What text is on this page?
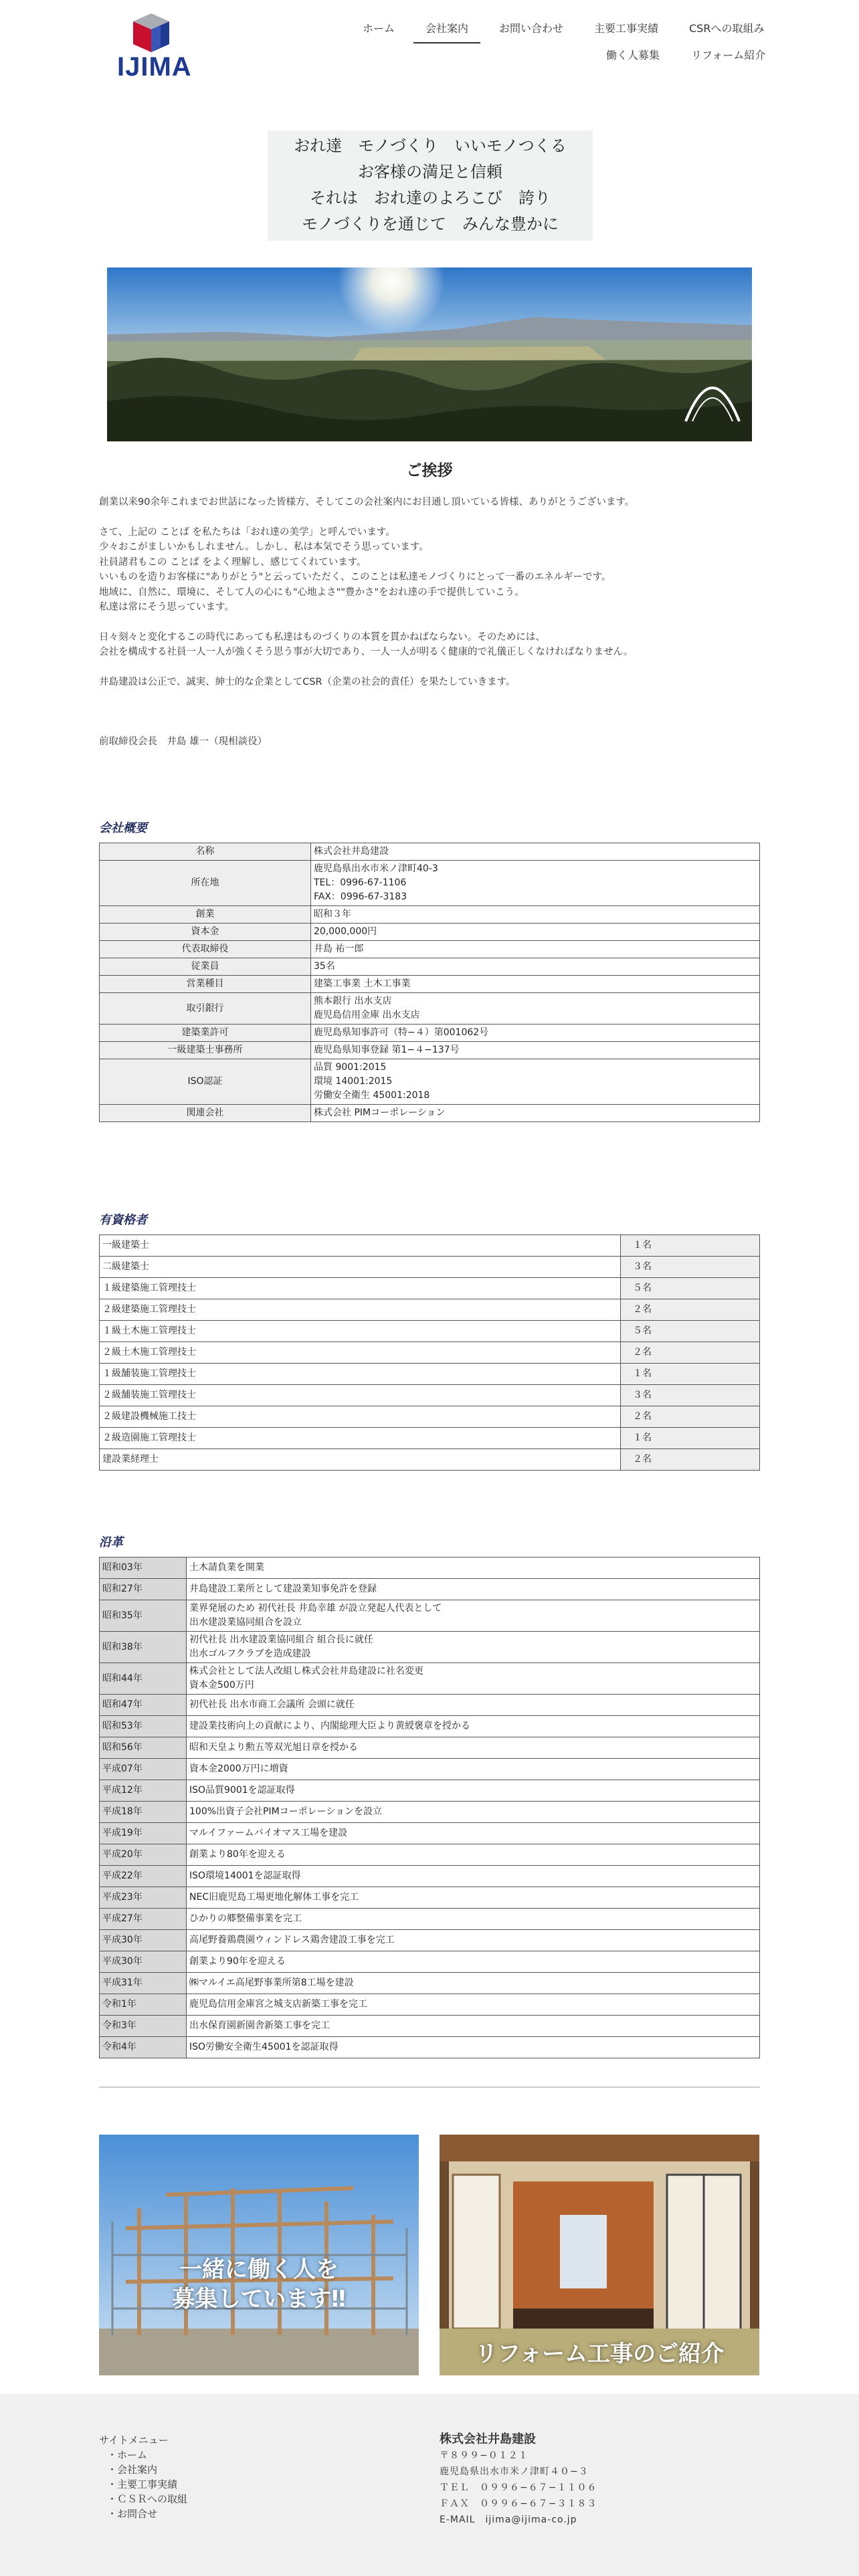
IJIMA
ホーム	会社案内	お問い合わせ	主要工事実績	CSRへの取組み
働く人募集	リフォーム紹介
おれ達　モノづくり　いいモノつくる
お客様の満足と信頼
それは　おれ達のよろこび　誇り
モノづくりを通じて　みんな豊かに
ご挨拶

創業以来90余年これまでお世話になった皆様方、そしてこの会社案内にお目通し頂いている皆様、ありがとうございます。

さて、上記の ことば を私たちは「おれ達の美学」と呼んでいます。
少々おこがましいかもしれません。しかし、私は本気でそう思っています。
社員諸君もこの ことば をよく理解し、感じてくれています。
いいものを造りお客様に"ありがとう"と云っていただく、このことは私達モノづくりにとって一番のエネルギーです。
地域に、自然に、環境に、そして人の心にも"心地よさ""豊かさ"をおれ達の手で提供していこう。
私達は常にそう思っています。

日々刻々と変化するこの時代にあっても私達はものづくりの本質を貫かねばならない。そのためには、
会社を構成する社員一人一人が強くそう思う事が大切であり、一人一人が明るく健康的で礼儀正しくなければなりません。

井島建設は公正で、誠実、紳士的な企業としてCSR（企業の社会的責任）を果たしていきます。

前取締役会長　井島 雄一（現相談役）

会社概要
名称	株式会社井島建設
所在地	鹿児島県出水市米ノ津町40-3
TEL：0996-67-1106
FAX：0996-67-3183
創業	昭和３年
資本金	20,000,000円
代表取締役	井島 祐一郎
従業員	35名
営業種目	建築工事業 土木工事業
取引銀行	熊本銀行 出水支店
鹿児島信用金庫 出水支店
建築業許可	鹿児島県知事許可（特−４）第001062号
一級建築士事務所	鹿児島県知事登録 第1−４−137号
ISO認証	品質 9001:2015
環境 14001:2015
労働安全衛生 45001:2018
関連会社	株式会社 PIMコーポレーション
有資格者
一級建築士	１名
二級建築士	３名
１級建築施工管理技士	５名
２級建築施工管理技士	２名
１級土木施工管理技士	５名
２級土木施工管理技士	２名
１級舗装施工管理技士	１名
２級舗装施工管理技士	３名
２級建設機械施工技士	２名
２級造園施工管理技士	１名
建設業経理士	２名
沿革
昭和03年	土木請負業を開業
昭和27年	井島建設工業所として建設業知事免許を登録
昭和35年	業界発展のため 初代社長 井島幸雄 が設立発起人代表として
出水建設業協同組合を設立
昭和38年	初代社長 出水建設業協同組合 組合長に就任
出水ゴルフクラブを造成建設
昭和44年	株式会社として法人改組し株式会社井島建設に社名変更
資本金500万円
昭和47年	初代社長 出水市商工会議所 会頭に就任
昭和53年	建設業技術向上の貢献により、内閣総理大臣より黄綬褒章を授かる
昭和56年	昭和天皇より勲五等双光旭日章を授かる
平成07年	資本金2000万円に増資
平成12年	ISO品質9001を認証取得
平成18年	100%出資子会社PIMコーポレーションを設立
平成19年	マルイファームバイオマス工場を建設
平成20年	創業より80年を迎える
平成22年	ISO環境14001を認証取得
平成23年	NEC旧鹿児島工場更地化解体工事を完工
平成27年	ひかりの郷整備事業を完工
平成30年	高尾野養鶏農園ウィンドレス鶏舎建設工事を完工
平成30年	創業より90年を迎える
平成31年	㈱マルイエ高尾野事業所第8工場を建設
令和1年	鹿児島信用金庫宮之城支店新築工事を完工
令和3年	出水保育園新園舎新築工事を完工
令和4年	ISO労働安全衛生45001を認証取得
一緒に働く人を
募集しています‼
リフォーム工事のご紹介
サイトメニュー
・ホーム
・会社案内
・主要工事実績
・ＣＳＲへの取組
・お問合せ
株式会社井島建設
〒８９９−０１２１
鹿児島県出水市米ノ津町４０−３
ＴＥＬ　０９９６−６７−１１０６
ＦＡＸ　０９９６−６７−３１８３
E-MAIL　ijima@ijima-co.jp
